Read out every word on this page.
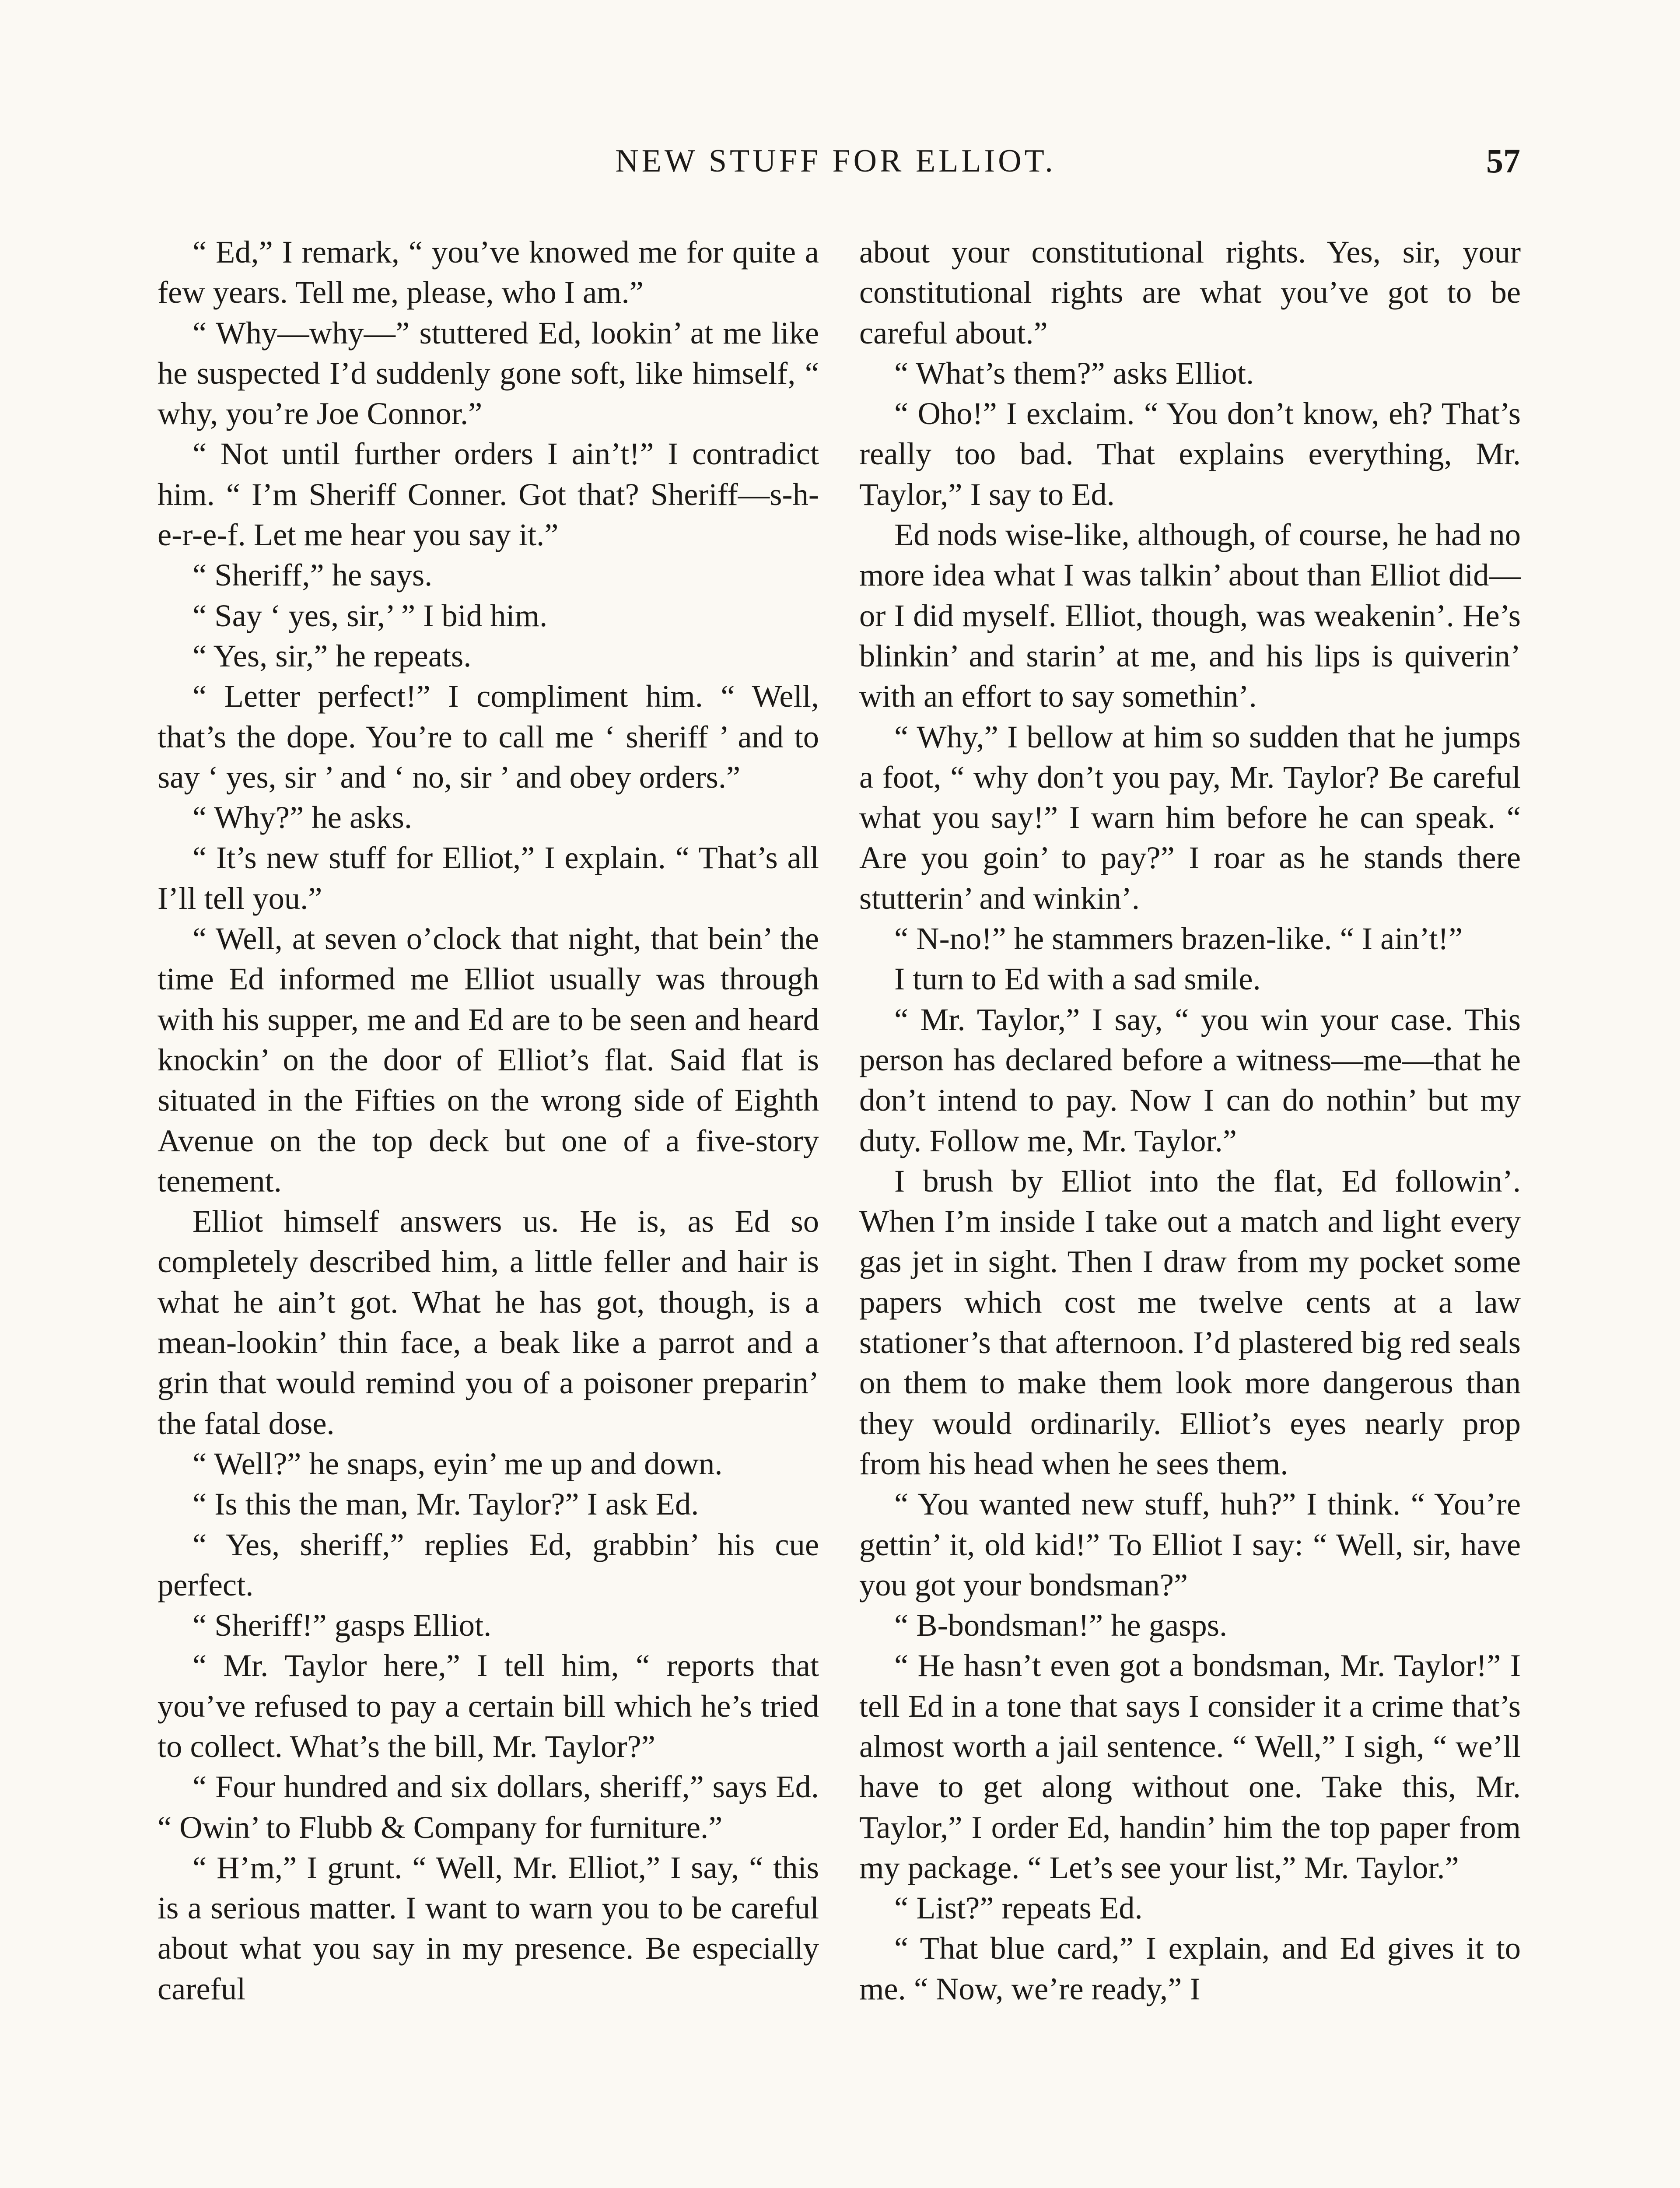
NEW STUFF FOR ELLIOT.	57

“ Ed,” I remark, “ you’ve knowed me for quite a few years. Tell me, please, who I am.”

“ Why—why—” stuttered Ed, lookin’ at me like he suspected I’d suddenly gone soft, like himself, “ why, you’re Joe Connor.”

“ Not until further orders I ain’t!” I contradict him. “ I’m Sheriff Conner. Got that? Sheriff—s-h-e-r-e-f. Let me hear you say it.”

“ Sheriff,” he says.

“ Say ‘ yes, sir,’ ” I bid him.

“ Yes, sir,” he repeats.

“ Letter perfect!” I compliment him. “ Well, that’s the dope. You’re to call me ‘ sheriff ’ and to say ‘ yes, sir ’ and ‘ no, sir ’ and obey orders.”

“ Why?” he asks.

“ It’s new stuff for Elliot,” I explain. “ That’s all I’ll tell you.”

“ Well, at seven o’clock that night, that bein’ the time Ed informed me Elliot usually was through with his supper, me and Ed are to be seen and heard knockin’ on the door of Elliot’s flat. Said flat is situated in the Fifties on the wrong side of Eighth Avenue on the top deck but one of a five-story tenement.

Elliot himself answers us. He is, as Ed so completely described him, a little feller and hair is what he ain’t got. What he has got, though, is a mean-lookin’ thin face, a beak like a parrot and a grin that would remind you of a poisoner preparin’ the fatal dose.

“ Well?” he snaps, eyin’ me up and down.

“ Is this the man, Mr. Taylor?” I ask Ed.

“ Yes, sheriff,” replies Ed, grabbin’ his cue perfect.

“ Sheriff!” gasps Elliot.

“ Mr. Taylor here,” I tell him, “ reports that you’ve refused to pay a certain bill which he’s tried to collect. What’s the bill, Mr. Taylor?”

“ Four hundred and six dollars, sheriff,” says Ed. “ Owin’ to Flubb & Company for furniture.”

“ H’m,” I grunt. “ Well, Mr. Elliot,” I say, “ this is a serious matter. I want to warn you to be careful about what you say in my presence. Be especially careful

about your constitutional rights. Yes, sir, your constitutional rights are what you’ve got to be careful about.”

“ What’s them?” asks Elliot.

“ Oho!” I exclaim. “ You don’t know, eh? That’s really too bad. That explains everything, Mr. Taylor,” I say to Ed.

Ed nods wise-like, although, of course, he had no more idea what I was talkin’ about than Elliot did—or I did myself. Elliot, though, was weakenin’. He’s blinkin’ and starin’ at me, and his lips is quiverin’ with an effort to say somethin’.

“ Why,” I bellow at him so sudden that he jumps a foot, “ why don’t you pay, Mr. Taylor? Be careful what you say!” I warn him before he can speak. “ Are you goin’ to pay?” I roar as he stands there stutterin’ and winkin’.

“ N-no!” he stammers brazen-like. “ I ain’t!”

I turn to Ed with a sad smile.

“ Mr. Taylor,” I say, “ you win your case. This person has declared before a witness—me—that he don’t intend to pay. Now I can do nothin’ but my duty. Follow me, Mr. Taylor.”

I brush by Elliot into the flat, Ed followin’. When I’m inside I take out a match and light every gas jet in sight. Then I draw from my pocket some papers which cost me twelve cents at a law stationer’s that afternoon. I’d plastered big red seals on them to make them look more dangerous than they would ordinarily. Elliot’s eyes nearly prop from his head when he sees them.

“ You wanted new stuff, huh?” I think. “ You’re gettin’ it, old kid!” To Elliot I say: “ Well, sir, have you got your bondsman?”

“ B-bondsman!” he gasps.

“ He hasn’t even got a bondsman, Mr. Taylor!” I tell Ed in a tone that says I consider it a crime that’s almost worth a jail sentence. “ Well,” I sigh, “ we’ll have to get along without one. Take this, Mr. Taylor,” I order Ed, handin’ him the top paper from my package. “ Let’s see your list,” Mr. Taylor.”

“ List?” repeats Ed.

“ That blue card,” I explain, and Ed gives it to me. “ Now, we’re ready,” I
